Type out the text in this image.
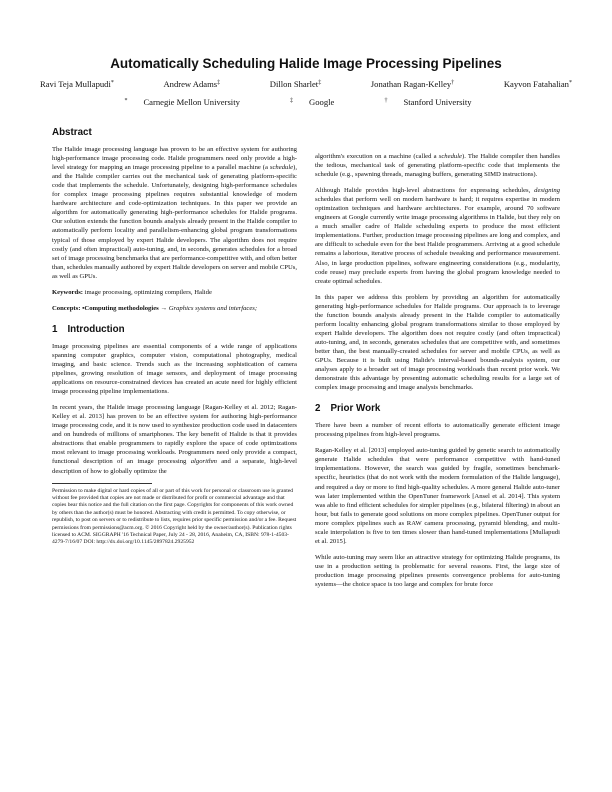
Automatically Scheduling Halide Image Processing Pipelines
Ravi Teja Mullapudi*	Andrew Adams‡	Dillon Sharlet‡	Jonathan Ragan-Kelley†	Kayvon Fatahalian*
* Carnegie Mellon University	‡ Google	† Stanford University
Abstract

The Halide image processing language has proven to be an effective system for authoring high-performance image processing code. Halide programmers need only provide a high-level strategy for mapping an image processing pipeline to a parallel machine (a schedule), and the Halide compiler carries out the mechanical task of generating platform-specific code that implements the schedule. Unfortunately, designing high-performance schedules for complex image processing pipelines requires substantial knowledge of modern hardware architecture and code-optimization techniques. In this paper we provide an algorithm for automatically generating high-performance schedules for Halide programs. Our solution extends the function bounds analysis already present in the Halide compiler to automatically perform locality and parallelism-enhancing global program transformations typical of those employed by expert Halide developers. The algorithm does not require costly (and often impractical) auto-tuning, and, in seconds, generates schedules for a broad set of image processing benchmarks that are performance-competitive with, and often better than, schedules manually authored by expert Halide developers on server and mobile CPUs, as well as GPUs.

Keywords: image processing, optimizing compilers, Halide

Concepts: •Computing methodologies → Graphics systems and interfaces;

1 Introduction

Image processing pipelines are essential components of a wide range of applications spanning computer graphics, computer vision, computational photography, medical imaging, and basic science. Trends such as the increasing sophistication of camera pipelines, growing resolution of image sensors, and deployment of image processing applications on resource-constrained devices has created an acute need for highly efficient image processing pipeline implementations.

In recent years, the Halide image processing language [Ragan-Kelley et al. 2012; Ragan-Kelley et al. 2013] has proven to be an effective system for authoring high-performance image processing code, and it is now used to synthesize production code used in datacenters and on hundreds of millions of smartphones. The key benefit of Halide is that it provides abstractions that enable programmers to rapidly explore the space of code optimizations most relevant to image processing workloads. Programmers need only provide a compact, functional description of an image processing algorithm and a separate, high-level description of how to globally optimize the

Permission to make digital or hard copies of all or part of this work for personal or classroom use is granted without fee provided that copies are not made or distributed for profit or commercial advantage and that copies bear this notice and the full citation on the first page. Copyrights for components of this work owned by others than the author(s) must be honored. Abstracting with credit is permitted. To copy otherwise, or republish, to post on servers or to redistribute to lists, requires prior specific permission and/or a fee. Request permissions from permissions@acm.org. © 2016 Copyright held by the owner/author(s). Publication rights licensed to ACM. SIGGRAPH '16 Technical Paper, July 24 - 28, 2016, Anaheim, CA, ISBN: 978-1-4503-4279-7/16/07 DOI: http://dx.doi.org/10.1145/2897824.2925952

algorithm's execution on a machine (called a schedule). The Halide compiler then handles the tedious, mechanical task of generating platform-specific code that implements the schedule (e.g., spawning threads, managing buffers, generating SIMD instructions).

Although Halide provides high-level abstractions for expressing schedules, designing schedules that perform well on modern hardware is hard; it requires expertise in modern optimization techniques and hardware architectures. For example, around 70 software engineers at Google currently write image processing algorithms in Halide, but they rely on a much smaller cadre of Halide scheduling experts to produce the most efficient implementations. Further, production image processing pipelines are long and complex, and are difficult to schedule even for the best Halide programmers. Arriving at a good schedule remains a laborious, iterative process of schedule tweaking and performance measurement. Also, in large production pipelines, software engineering considerations (e.g., modularity, code reuse) may preclude experts from having the global program knowledge needed to create optimal schedules.

In this paper we address this problem by providing an algorithm for automatically generating high-performance schedules for Halide programs. Our approach is to leverage the function bounds analysis already present in the Halide compiler to automatically perform locality enhancing global program transformations similar to those employed by expert Halide developers. The algorithm does not require costly (and often impractical) auto-tuning, and, in seconds, generates schedules that are competitive with, and sometimes better than, the best manually-created schedules for server and mobile CPUs, as well as GPUs. Because it is built using Halide's interval-based bounds-analysis system, our analyses apply to a broader set of image processing workloads than recent prior work. We demonstrate this advantage by presenting automatic scheduling results for a large set of complex image processing and image analysis benchmarks.

2 Prior Work

There have been a number of recent efforts to automatically generate efficient image processing pipelines from high-level programs.

Ragan-Kelley et al. [2013] employed auto-tuning guided by genetic search to automatically generate Halide schedules that were performance competitive with hand-tuned implementations. However, the search was guided by fragile, sometimes benchmark-specific, heuristics (that do not work with the modern formulation of the Halide language), and required a day or more to find high-quality schedules. A more general Halide auto-tuner was later implemented within the OpenTuner framework [Ansel et al. 2014]. This system was able to find efficient schedules for simpler pipelines (e.g., bilateral filtering) in about an hour, but fails to generate good solutions on more complex pipelines. OpenTuner output for more complex pipelines such as RAW camera processing, pyramid blending, and multi-scale interpolation is five to ten times slower than hand-tuned implementations [Mullapudi et al. 2015].

While auto-tuning may seem like an attractive strategy for optimizing Halide programs, its use in a production setting is problematic for several reasons. First, the large size of production image processing pipelines presents convergence problems for auto-tuning systems—the choice space is too large and complex for brute force
